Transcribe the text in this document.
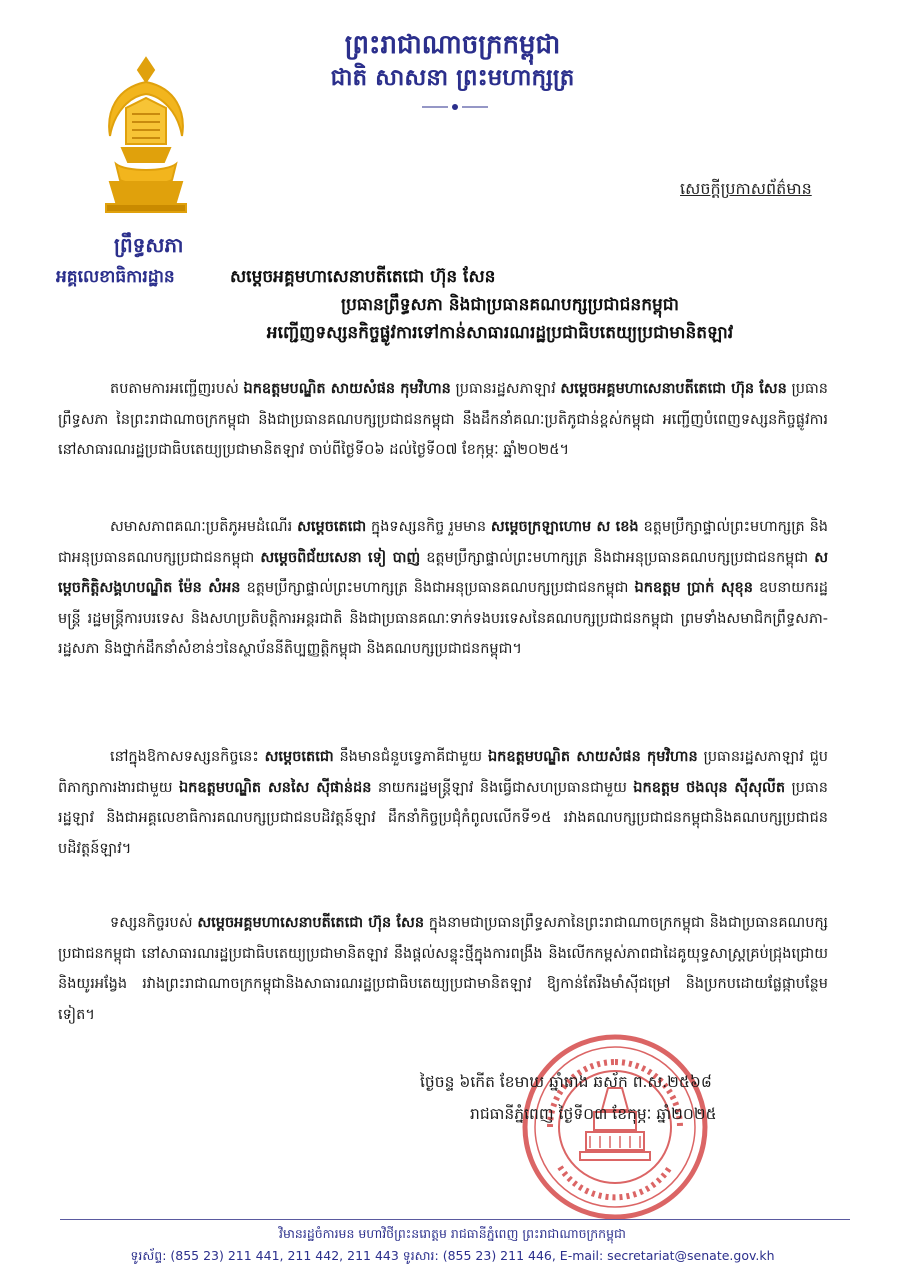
ព្រះរាជាណាចក្រកម្ពុជា
ជាតិ សាសនា ព្រះមហាក្សត្រ
សេចក្តីប្រកាសព័ត៌មាន
ព្រឹទ្ធសភា
អគ្គលេខាធិការដ្ឋាន	សម្តេចអគ្គមហាសេនាបតីតេជោ ហ៊ុន សែន
ប្រធានព្រឹទ្ធសភា និងជាប្រធានគណបក្សប្រជាជនកម្ពុជា
អញ្ជើញទស្សនកិច្ចផ្លូវការទៅកាន់សាធារណរដ្ឋប្រជាធិបតេយ្យប្រជាមានិតឡាវ
តបតាមការអញ្ជើញរបស់ ឯកឧត្តមបណ្ឌិត សាយសំផន កុមវិហាន ប្រធានរដ្ឋសភាឡាវ សម្តេចអគ្គមហាសេនាបតីតេជោ ហ៊ុន សែន ប្រធានព្រឹទ្ធសភា នៃព្រះរាជាណាចក្រកម្ពុជា និងជាប្រធានគណបក្សប្រជាជនកម្ពុជា នឹងដឹកនាំគណៈប្រតិភូជាន់ខ្ពស់កម្ពុជា អញ្ជើញបំពេញទស្សនកិច្ចផ្លូវការនៅសាធារណរដ្ឋប្រជាធិបតេយ្យប្រជាមានិតឡាវ ចាប់ពីថ្ងៃទី០៦ ដល់ថ្ងៃទី០៧ ខែកុម្ភៈ ឆ្នាំ២០២៥។
សមាសភាពគណៈប្រតិភូអមដំណើរ សម្តេចតេជោ ក្នុងទស្សនកិច្ច រួមមាន សម្តេចក្រឡាហោម ស ខេង ឧត្តមប្រឹក្សាផ្ទាល់ព្រះមហាក្សត្រ និងជាអនុប្រធានគណបក្សប្រជាជនកម្ពុជា សម្តេចពិជ័យសេនា ទៀ បាញ់ ឧត្តមប្រឹក្សាផ្ទាល់ព្រះមហាក្សត្រ និងជាអនុប្រធានគណបក្សប្រជាជនកម្ពុជា សម្តេចកិត្តិសង្គហបណ្ឌិត ម៉ែន សំអន ឧត្តមប្រឹក្សាផ្ទាល់ព្រះមហាក្សត្រ និងជាអនុប្រធានគណបក្សប្រជាជនកម្ពុជា ឯកឧត្តម ប្រាក់ សុខុន ឧបនាយករដ្ឋមន្ត្រី រដ្ឋមន្ត្រីការបរទេស និងសហប្រតិបត្តិការអន្តរជាតិ និងជាប្រធានគណៈទាក់ទងបរទេសនៃគណបក្សប្រជាជនកម្ពុជា ព្រមទាំងសមាជិកព្រឹទ្ធសភា-រដ្ឋសភា និងថ្នាក់ដឹកនាំសំខាន់ៗនៃស្ថាប័ននីតិប្បញ្ញត្តិកម្ពុជា និងគណបក្សប្រជាជនកម្ពុជា។
នៅក្នុងឱកាសទស្សនកិច្ចនេះ សម្តេចតេជោ នឹងមានជំនួបទ្វេភាគីជាមួយ ឯកឧត្តមបណ្ឌិត សាយសំផន កុមវិហាន ប្រធានរដ្ឋសភាឡាវ ជួបពិភាក្សាការងារជាមួយ ឯកឧត្តមបណ្ឌិត សនសៃ ស៊ីផាន់ដន នាយករដ្ឋមន្ត្រីឡាវ និងធ្វើជាសហប្រធានជាមួយ ឯកឧត្តម ថងលុន ស៊ីសុលីត ប្រធានរដ្ឋឡាវ និងជាអគ្គលេខាធិការគណបក្សប្រជាជនបដិវត្តន៍ឡាវ ដឹកនាំកិច្ចប្រជុំកំពូលលើកទី១៥ រវាងគណបក្សប្រជាជនកម្ពុជានិងគណបក្សប្រជាជនបដិវត្តន៍ឡាវ។
ទស្សនកិច្ចរបស់ សម្តេចអគ្គមហាសេនាបតីតេជោ ហ៊ុន សែន ក្នុងនាមជាប្រធានព្រឹទ្ធសភានៃព្រះរាជាណាចក្រកម្ពុជា និងជាប្រធានគណបក្សប្រជាជនកម្ពុជា នៅសាធារណរដ្ឋប្រជាធិបតេយ្យប្រជាមានិតឡាវ នឹងផ្តល់សន្ទុះថ្មីក្នុងការពង្រឹង និងលើកកម្ពស់ភាពជាដៃគូយុទ្ធសាស្ត្រគ្រប់ជ្រុងជ្រោយ និងយូរអង្វែង រវាងព្រះរាជាណាចក្រកម្ពុជានិងសាធារណរដ្ឋប្រជាធិបតេយ្យប្រជាមានិតឡាវ ឱ្យកាន់តែរឹងមាំស៊ីជម្រៅ និងប្រកបដោយផ្លែផ្កាបន្ថែមទៀត។
ថ្ងៃចន្ទ ៦កើត ខែមាឃ ឆ្នាំរោង ឆស័ក ព.ស.២៥៦៨
រាជធានីភ្នំពេញ ថ្ងៃទី០៣ ខែកុម្ភៈ ឆ្នាំ២០២៥
វិមានរដ្ឋចំការមន មហាវិថីព្រះនរោត្តម រាជធានីភ្នំពេញ ព្រះរាជាណាចក្រកម្ពុជា
ទូរស័ព្ទ: (855 23) 211 441, 211 442, 211 443 ទូរសារ: (855 23) 211 446, E-mail: secretariat@senate.gov.kh
